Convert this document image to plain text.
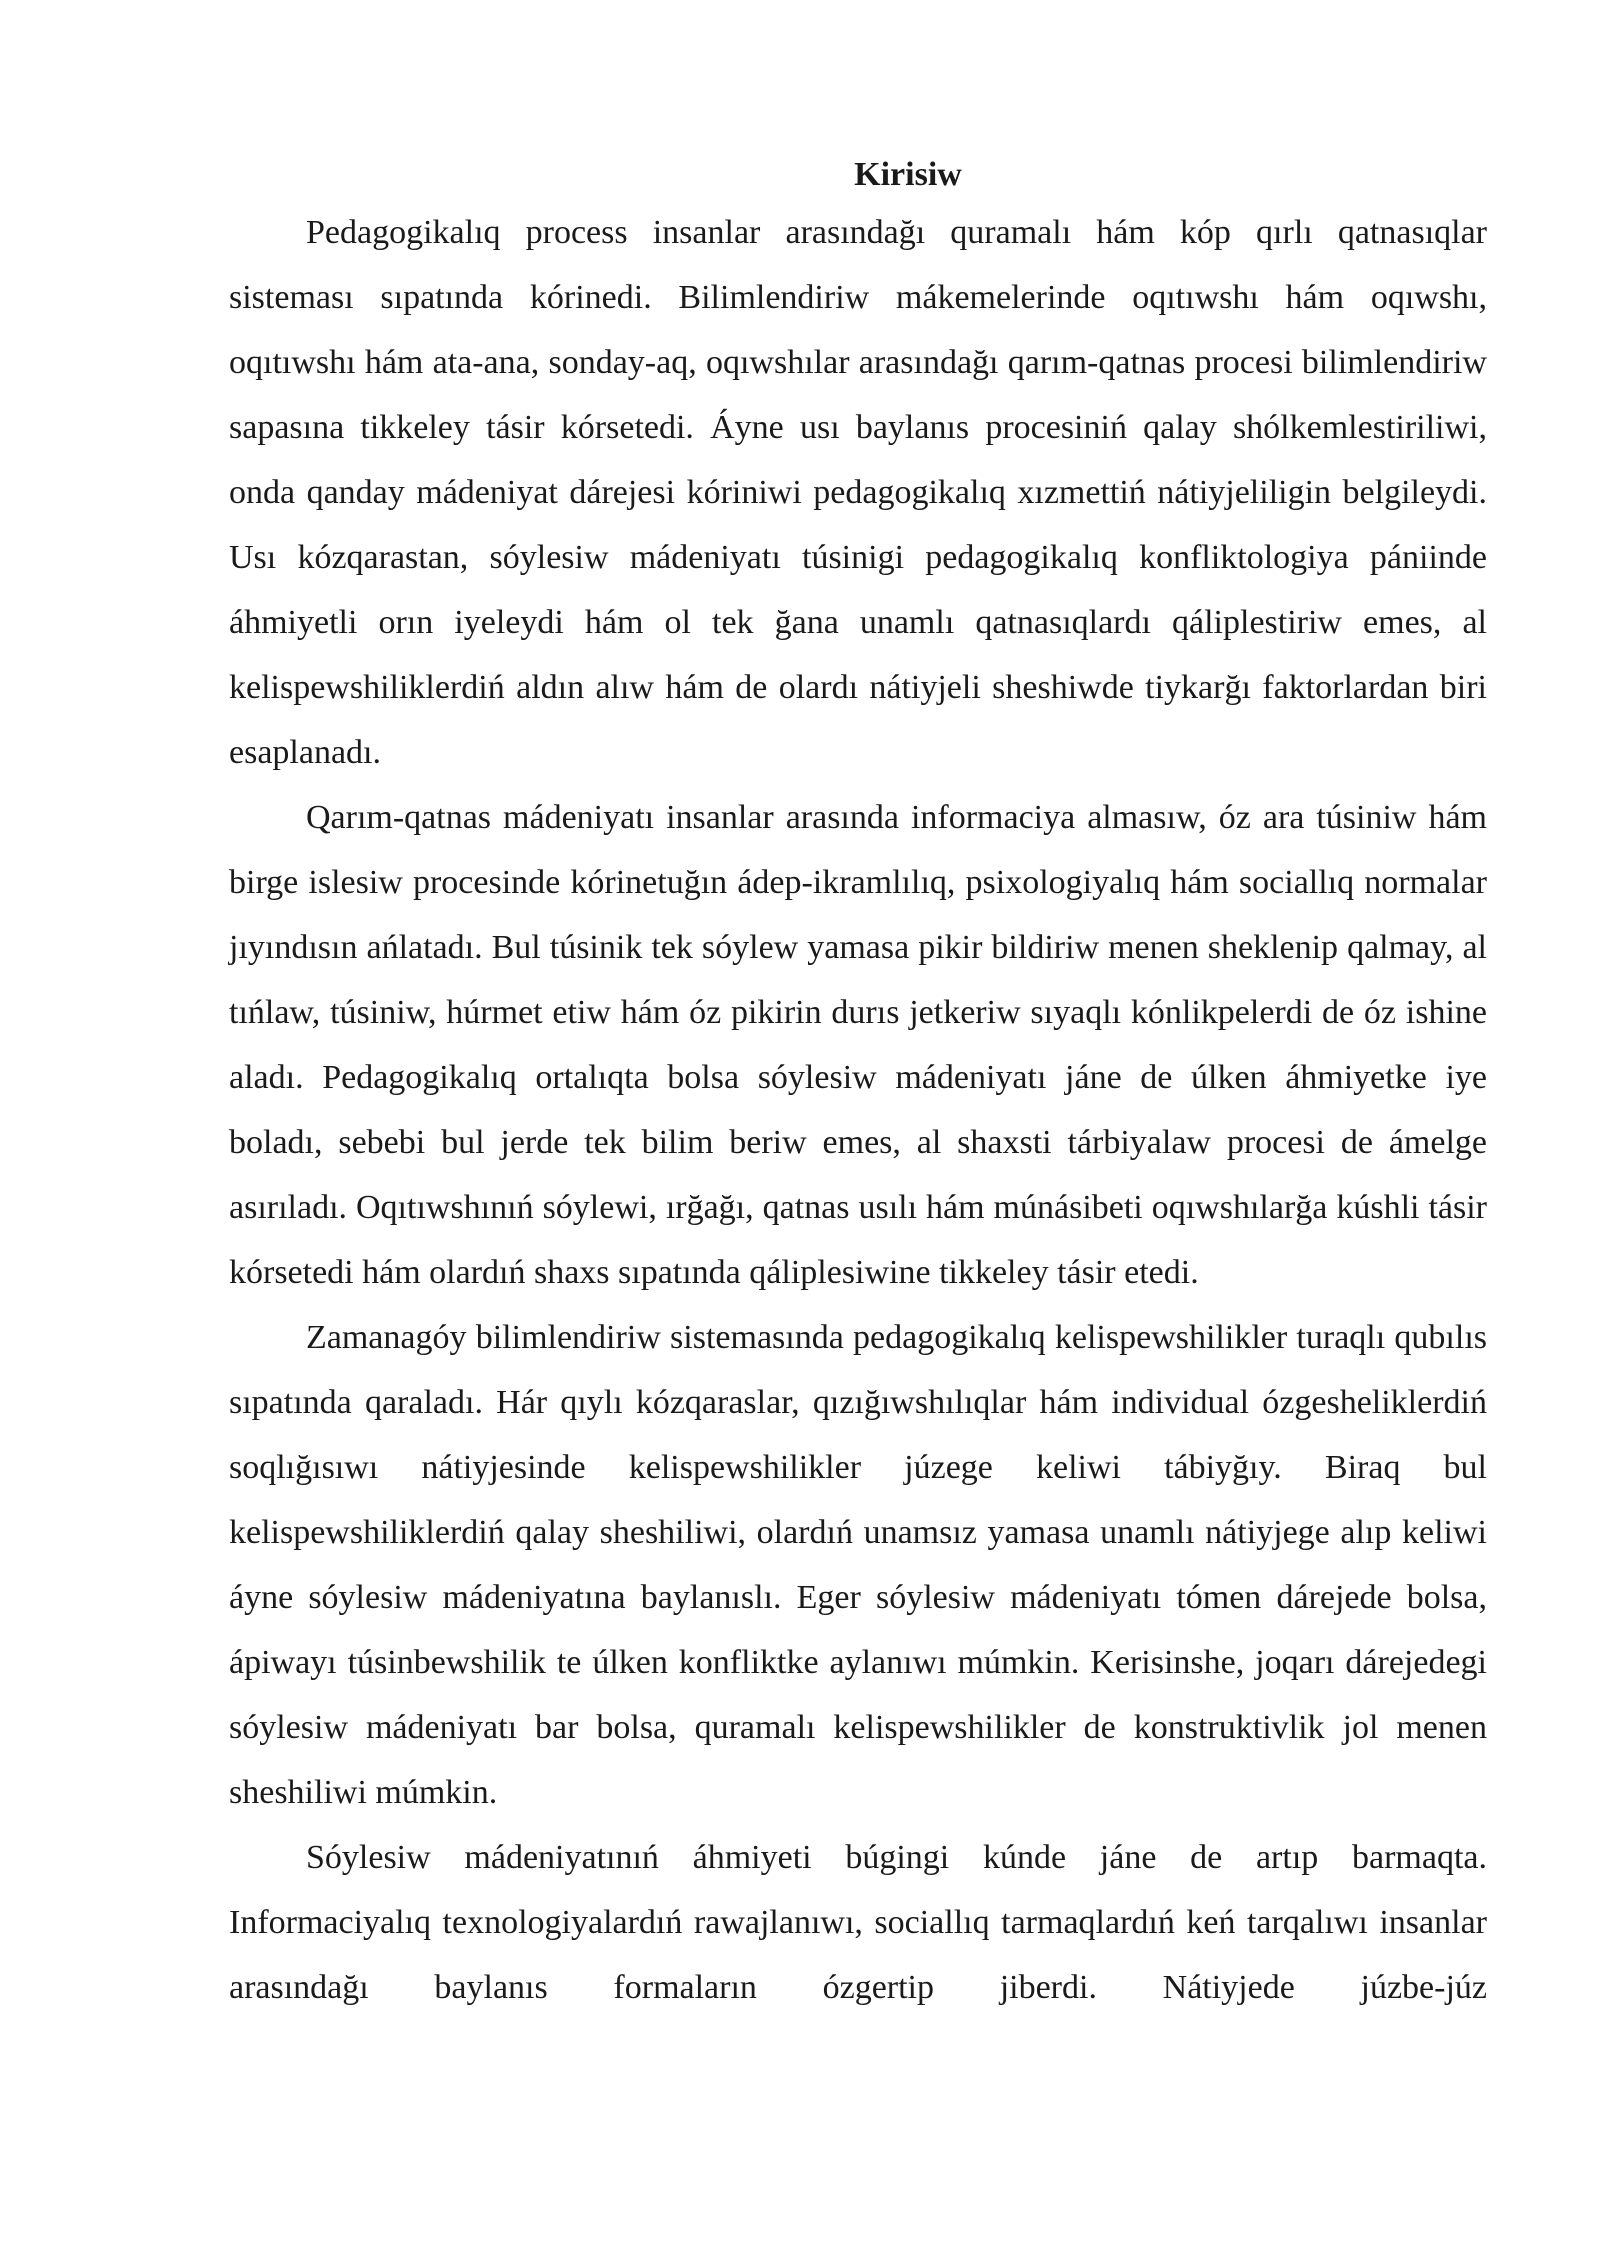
Kirisiw

Pedagogikalıq process insanlar arasındağı quramalı hám kóp qırlı qatnasıqlar sisteması sıpatında kórinedi. Bilimlendiriw mákemelerinde oqıtıwshı hám oqıwshı, oqıtıwshı hám ata-ana, sonday-aq, oqıwshılar arasındağı qarım-qatnas procesi bilimlendiriw sapasına tikkeley tásir kórsetedi. Áyne usı baylanıs procesiniń qalay shólkemlestiriliwi, onda qanday mádeniyat dárejesi kóriniwi pedagogikalıq xızmettiń nátiyjeliligin belgileydi. Usı kózqarastan, sóylesiw mádeniyatı túsinigi pedagogikalıq konfliktologiya pániinde áhmiyetli orın iyeleydi hám ol tek ğana unamlı qatnasıqlardı qáliplestiriw emes, al kelispewshiliklerdiń aldın alıw hám de olardı nátiyjeli sheshiwde tiykarğı faktorlardan biri esaplanadı.

Qarım-qatnas mádeniyatı insanlar arasında informaciya almasıw, óz ara túsiniw hám birge islesiw procesinde kórinetuğın ádep-ikramlılıq, psixologiyalıq hám sociallıq normalar jıyındısın ańlatadı. Bul túsinik tek sóylew yamasa pikir bildiriw menen sheklenip qalmay, al tıńlaw, túsiniw, húrmet etiw hám óz pikirin durıs jetkeriw sıyaqlı kónlikpelerdi de óz ishine aladı. Pedagogikalıq ortalıqta bolsa sóylesiw mádeniyatı jáne de úlken áhmiyetke iye boladı, sebebi bul jerde tek bilim beriw emes, al shaxsti tárbiyalaw procesi de ámelge asırıladı. Oqıtıwshınıń sóylewi, ırğağı, qatnas usılı hám múnásibeti oqıwshılarğa kúshli tásir kórsetedi hám olardıń shaxs sıpatında qáliplesiwine tikkeley tásir etedi.

Zamanagóy bilimlendiriw sistemasında pedagogikalıq kelispewshilikler turaqlı qubılıs sıpatında qaraladı. Hár qıylı kózqaraslar, qızığıwshılıqlar hám individual ózgesheliklerdiń soqlığısıwı nátiyjesinde kelispewshilikler júzege keliwi tábiyğıy. Biraq bul kelispewshiliklerdiń qalay sheshiliwi, olardıń unamsız yamasa unamlı nátiyjege alıp keliwi áyne sóylesiw mádeniyatına baylanıslı. Eger sóylesiw mádeniyatı tómen dárejede bolsa, ápiwayı túsinbewshilik te úlken konfliktke aylanıwı múmkin. Kerisinshe, joqarı dárejedegi sóylesiw mádeniyatı bar bolsa, quramalı kelispewshilikler de konstruktivlik jol menen sheshiliwi múmkin.

Sóylesiw mádeniyatınıń áhmiyeti búgingi kúnde jáne de artıp barmaqta. Informaciyalıq texnologiyalardıń rawajlanıwı, sociallıq tarmaqlardıń keń tarqalıwı insanlar arasındağı baylanıs formaların ózgertip jiberdi. Nátiyjede júzbe-júz
